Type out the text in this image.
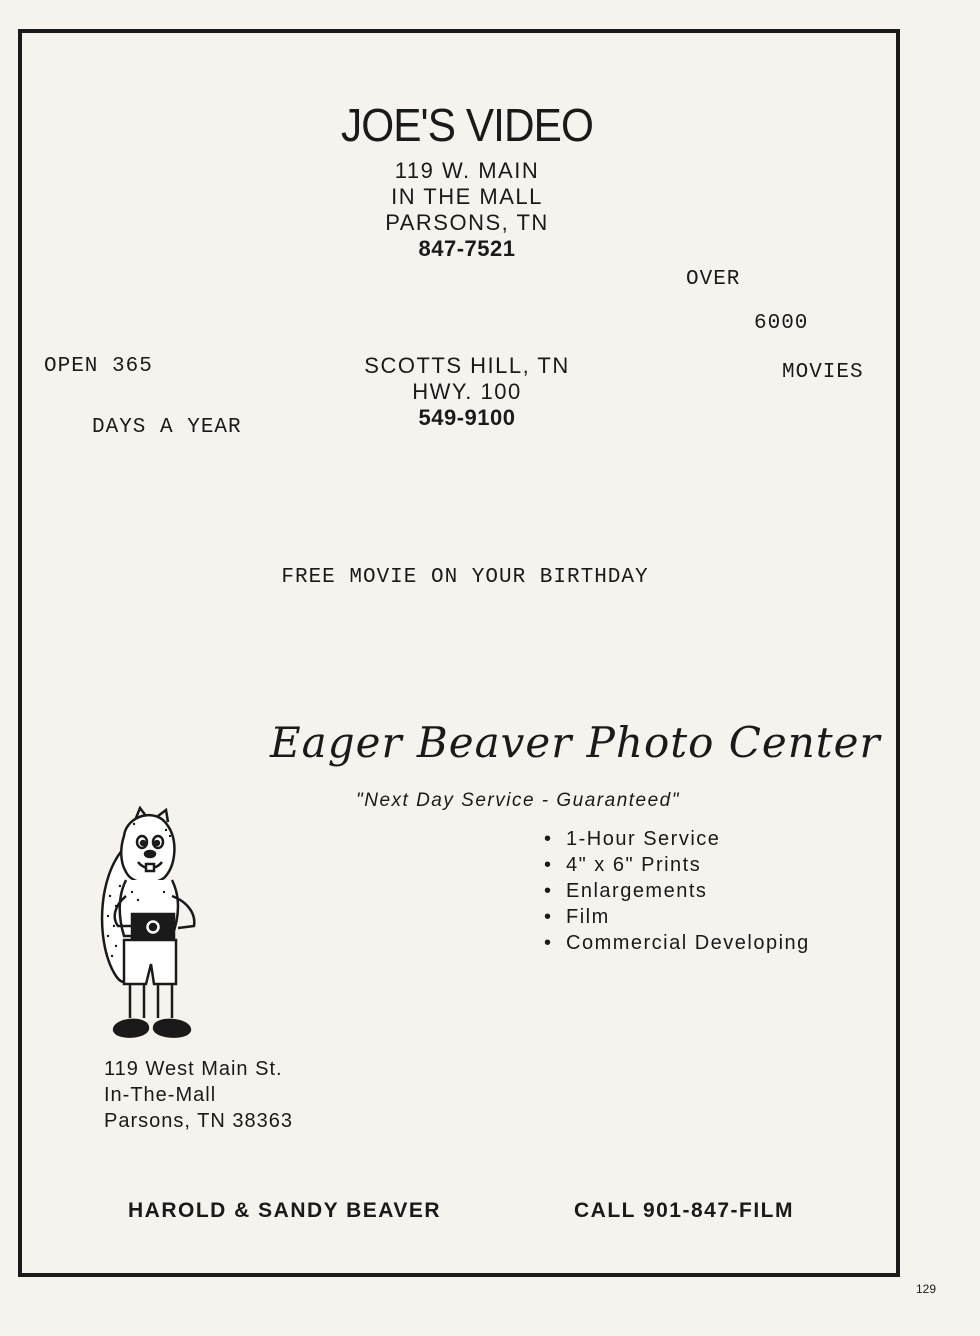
JOE'S VIDEO
119 W. MAIN
IN THE MALL
PARSONS, TN
847-7521
OVER
6000
MOVIES
OPEN 365
DAYS A YEAR
SCOTTS HILL, TN
HWY. 100
549-9100
FREE MOVIE ON YOUR BIRTHDAY
Eager Beaver Photo Center
"Next Day Service - Guaranteed"
• 1-Hour Service
• 4" x 6" Prints
• Enlargements
• Film
• Commercial Developing
119 West Main St.
In-The-Mall
Parsons, TN 38363
HAROLD & SANDY BEAVER	CALL 901-847-FILM
129
